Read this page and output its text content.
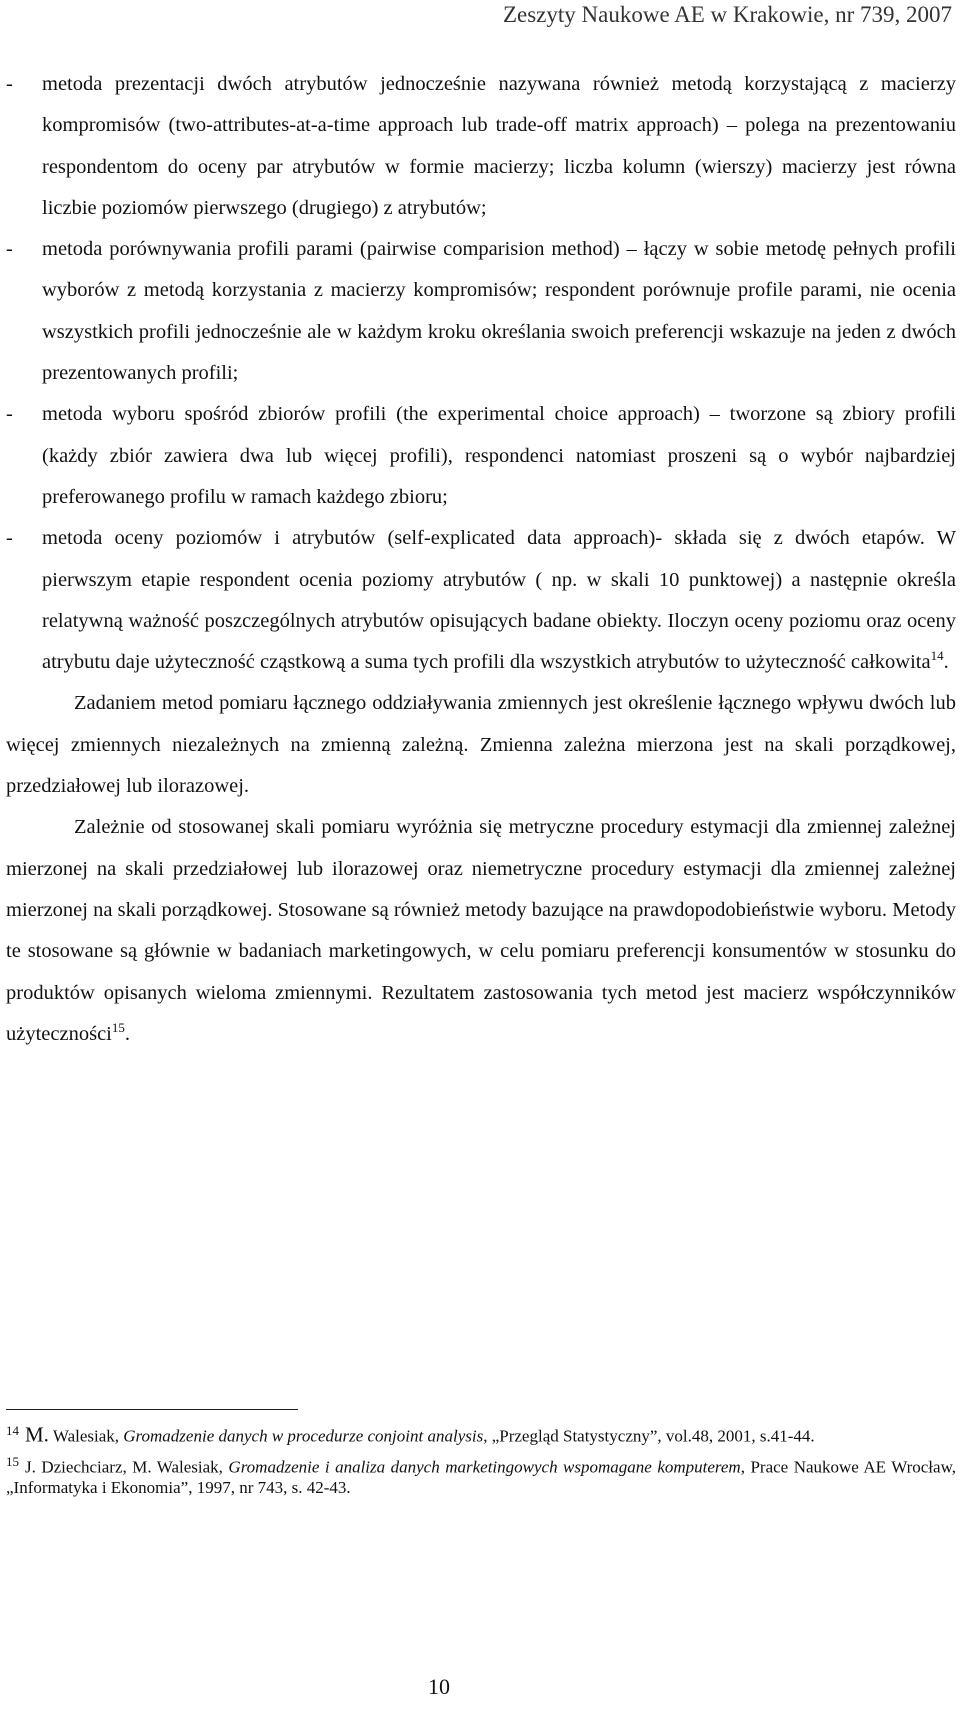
Zeszyty Naukowe AE w Krakowie, nr 739, 2007
- metoda prezentacji dwóch atrybutów jednocześnie nazywana również metodą korzystającą z macierzy kompromisów (two-attributes-at-a-time approach lub trade-off matrix approach) – polega na prezentowaniu respondentom do oceny par atrybutów w formie macierzy; liczba kolumn (wierszy) macierzy jest równa liczbie poziomów pierwszego (drugiego) z atrybutów;
- metoda porównywania profili parami (pairwise comparision method) – łączy w sobie metodę pełnych profili wyborów z metodą korzystania z macierzy kompromisów; respondent porównuje profile parami, nie ocenia wszystkich profili jednocześnie ale w każdym kroku określania swoich preferencji wskazuje na jeden z dwóch prezentowanych profili;
- metoda wyboru spośród zbiorów profili (the experimental choice approach) – tworzone są zbiory profili (każdy zbiór zawiera dwa lub więcej profili), respondenci natomiast proszeni są o wybór najbardziej preferowanego profilu w ramach każdego zbioru;
- metoda oceny poziomów i atrybutów (self-explicated data approach)- składa się z dwóch etapów. W pierwszym etapie respondent ocenia poziomy atrybutów ( np. w skali 10 punktowej) a następnie określa relatywną ważność poszczególnych atrybutów opisujących badane obiekty. Iloczyn oceny poziomu oraz oceny atrybutu daje użyteczność cząstkową a suma tych profili dla wszystkich atrybutów to użyteczność całkowita$^{14}$.

Zadaniem metod pomiaru łącznego oddziaływania zmiennych jest określenie łącznego wpływu dwóch lub więcej zmiennych niezależnych na zmienną zależną. Zmienna zależna mierzona jest na skali porządkowej, przedziałowej lub ilorazowej.

Zależnie od stosowanej skali pomiaru wyróżnia się metryczne procedury estymacji dla zmiennej zależnej mierzonej na skali przedziałowej lub ilorazowej oraz niemetryczne procedury estymacji dla zmiennej zależnej mierzonej na skali porządkowej. Stosowane są również metody bazujące na prawdopodobieństwie wyboru. Metody te stosowane są głównie w badaniach marketingowych, w celu pomiaru preferencji konsumentów w stosunku do produktów opisanych wieloma zmiennymi. Rezultatem zastosowania tych metod jest macierz współczynników użyteczności$^{15}$.

$^{14}$ M. Walesiak, Gromadzenie danych w procedurze conjoint analysis, „Przegląd Statystyczny”, vol.48, 2001, s.41-44.

$^{15}$ J. Dziechciarz, M. Walesiak, Gromadzenie i analiza danych marketingowych wspomagane komputerem, Prace Naukowe AE Wrocław, „Informatyka i Ekonomia”, 1997, nr 743, s. 42-43.

10
